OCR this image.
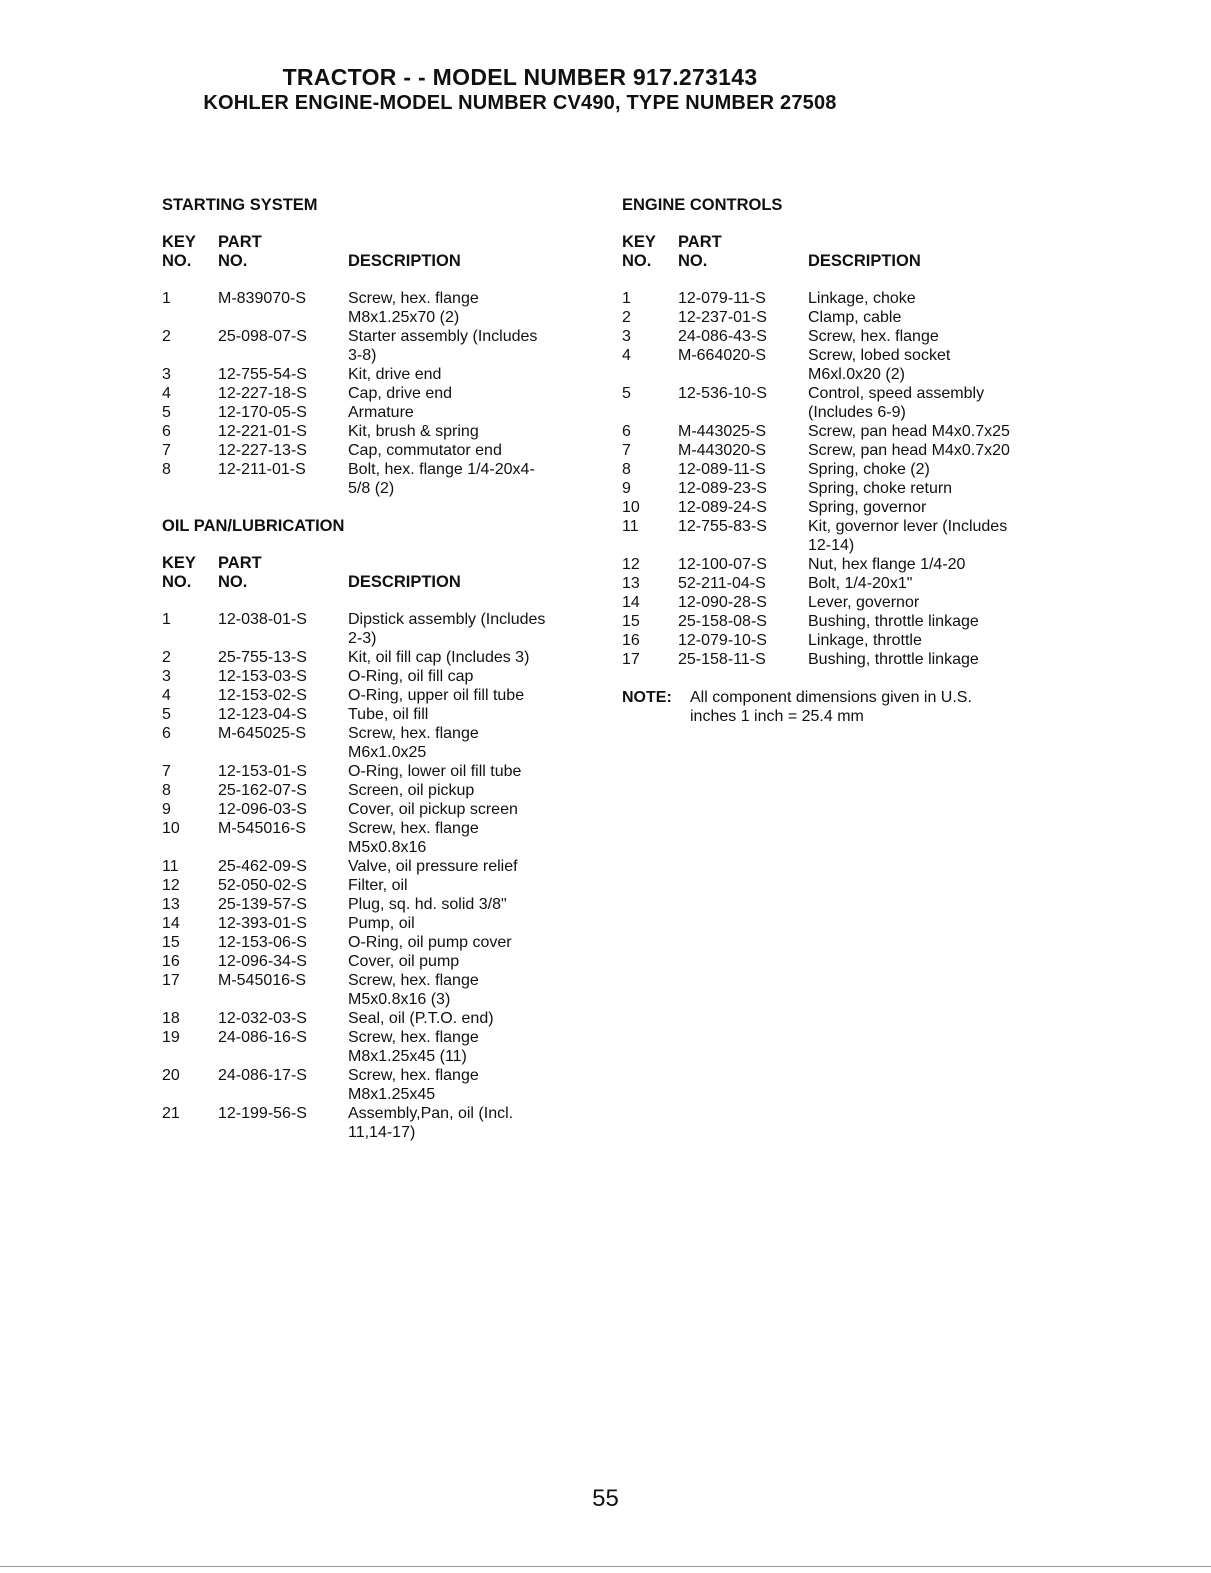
TRACTOR - - MODEL NUMBER 917.273143
KOHLER ENGINE-MODEL NUMBER CV490, TYPE NUMBER 27508
STARTING SYSTEM
KEY
NO.
PART
NO.	DESCRIPTION
1	M-839070-S	Screw, hex. flange
M8x1.25x70 (2)
2	25-098-07-S	Starter assembly (Includes
3-8)
3	12-755-54-S	Kit, drive end
4	12-227-18-S	Cap, drive end
5	12-170-05-S	Armature
6	12-221-01-S	Kit, brush & spring
7	12-227-13-S	Cap, commutator end
8	12-211-01-S	Bolt, hex. flange 1/4-20x4-
5/8 (2)
OIL PAN/LUBRICATION
KEY
NO.
PART
NO.	DESCRIPTION
1	12-038-01-S	Dipstick assembly (Includes
2-3)
2	25-755-13-S	Kit, oil fill cap (Includes 3)
3	12-153-03-S	O-Ring, oil fill cap
4	12-153-02-S	O-Ring, upper oil fill tube
5	12-123-04-S	Tube, oil fill
6	M-645025-S	Screw, hex. flange
M6x1.0x25
7	12-153-01-S	O-Ring, lower oil fill tube
8	25-162-07-S	Screen, oil pickup
9	12-096-03-S	Cover, oil pickup screen
10 M-545016-S	Screw, hex. flange
M5x0.8x16
11 25-462-09-S	Valve, oil pressure relief
12 52-050-02-S	Filter, oil
13 25-139-57-S	Plug, sq. hd. solid 3/8"
14 12-393-01-S	Pump, oil
15 12-153-06-S	O-Ring, oil pump cover
16 12-096-34-S	Cover, oil pump
17 M-545016-S	Screw, hex. flange
M5x0.8x16 (3)
18 12-032-03-S	Seal, oil (P.T.O. end)
19 24-086-16-S	Screw, hex. flange
M8x1.25x45 (11)
20 24-086-17-S	Screw, hex. flange
M8x1.25x45
21 12-199-56-S	Assembly,Pan, oil (Incl.
11,14-17)
ENGINE CONTROLS
KEY
NO.
PART
NO.	DESCRIPTION
1	12-079-11-S	Linkage, choke
2	12-237-01-S	Clamp, cable
3	24-086-43-S	Screw, hex. flange
4	M-664020-S	Screw, lobed socket
M6xl.0x20 (2)
5	12-536-10-S	Control, speed assembly
(Includes 6-9)
6	M-443025-S	Screw, pan head M4x0.7x25
7	M-443020-S	Screw, pan head M4x0.7x20
8	12-089-11-S	Spring, choke (2)
9	12-089-23-S	Spring, choke return
10 12-089-24-S	Spring, governor
11 12-755-83-S	Kit, governor lever (Includes
12-14)
12 12-100-07-S	Nut, hex flange 1/4-20
13 52-211-04-S	Bolt, 1/4-20x1"
14 12-090-28-S	Lever, governor
15 25-158-08-S	Bushing, throttle linkage
16 12-079-10-S	Linkage, throttle
17 25-158-11-S	Bushing, throttle linkage
NOTE: All component dimensions given in U.S.
inches 1 inch = 25.4 mm
55
